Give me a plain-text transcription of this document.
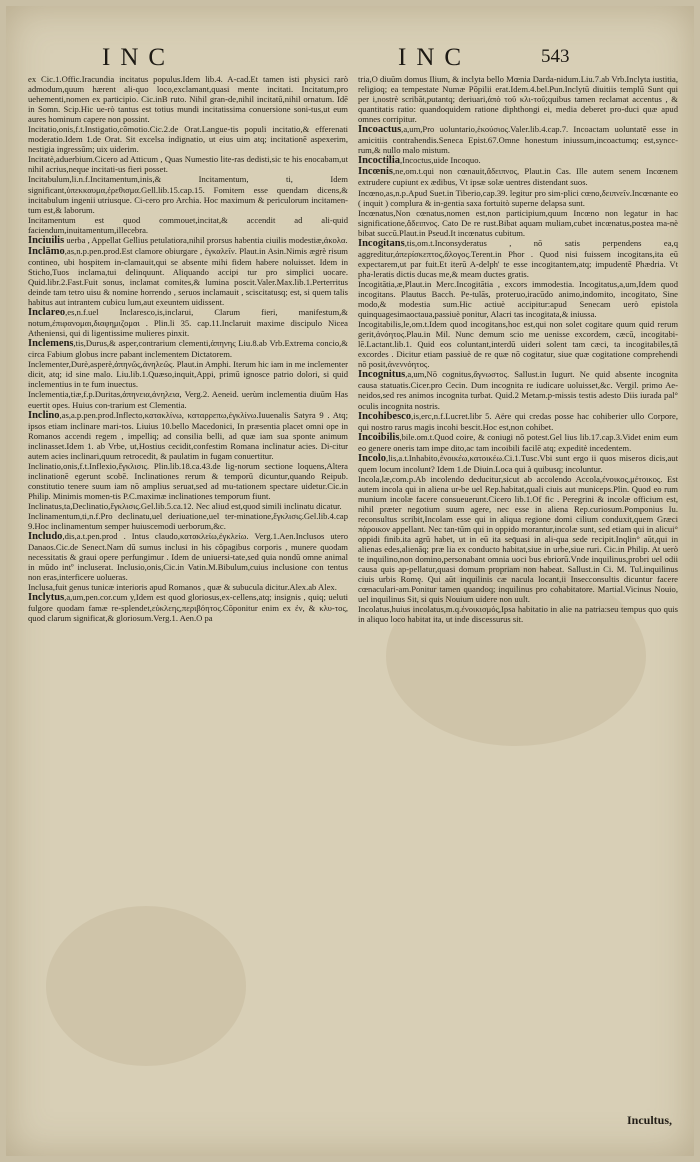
INC	INC	543

ex Cic.1.Offic.Iracundia incitatus populus.Idem lib.4. A-cad.Et tamen isti physici rarò admodum,quum hærent ali-quo loco,exclamant,quasi mente incitati. Incitatum,pro uehementi,nomen ex participio. Cic.inB ruto. Nihil gran-de,nihil incitatū,nihil ornatum. Idē in Somn. Scip.Hic ue-rò tantus est totius mundi incitatissima conuersione soni-tus,ut eum aures hominum capere non possint.

Incitatio,onis,f.t.Instigatio,cōmotio.Cic.2.de Orat.Langue-tis populi incitatio,& efferenati moderatio.Idem 1.de Orat. Sit excelsa indignatio, ut eius uim atq; incitationē aspexerim, nestigia ingressūm; uix uiderim.

Incitatè,aduerbium.Cicero ad Atticum , Quas Numestio lite-ras dedisti,sic te his enocabam,ut nihil acrius,neque incitati-us fieri posset.

Incitabulum,li.n.f.Incitamentum,inis,& Incitamentum, ti, Idem significant,ὑπεκκαυμα,ἐρεθισμα.Gell.lib.15.cap.15. Fomitem esse quendam dicens,& incitabulum ingenii utriusque. Ci-cero pro Archia. Hoc maximum & periculorum incitamen-tum est,& laborum.

Incitamentum est quod commouet,incitat,& accendit ad ali-quid faciendum,inuitamentum,illecebra.

Inciuilis uerba , Appellat Gellius petulatiora,nihil prorsus habentia ciuilis modestiæ,ἀκολα.

Inclāmo,as,n.p.pen.prod.Est clamore obiurgare , ἐγκαλεῖν. Plaut.in Asin.Nimis ægrè risum contineo, ubi hospitem in-clamauit,qui se absente mihi fidem habere noluisset. Idem in Sticho,Tuos inclama,tui delinquunt. Aliquando accipi tur pro simplici uocare. Quid.libr.2.Fast.Fuit sonus, inclamat comites,& lumina poscit.Valer.Max.lib.1.Perterritus deinde tam tetro uisu & nomine horrendo , seruos inclamauit , sciscitatusq; est, si quem talis habitus aut intrantem cubicu lum,aut exeuntem uidissent.

Inclareo,es,n.f.uel Inclaresco,is,inclarui, Clarum fieri, manifestum,& notum,ἐπιφανομαι,διαφημιζομαι . Plin.li 35. cap.11.Inclaruit maxime discipulo Nicea Atheniensi, qui di ligentissime mulieres pinxit.

Inclemens,tis,Durus,& asper,contrarium clementi,ἀπηνης Liu.8.ab Vrb.Extrema concio,& circa Fabium globus incre pabant inclementem Dictatorem.

Inclementer,Durè,asperè,ἀπηνῶς,ἀνηλεῶς. Plaut.in Amphi. Iterum hic iam in me inclementer dicit, atq; id sine malo. Liu.lib.1.Quæso,inquit,Appi, primū ignosce patrio dolori, si quid inclementius in te fum inuectus.

Inclementia,tiæ,f.p.Duritas,ἀπηνεια,ἀνηλεια, Verg.2. Aeneid. uerùm inclementia diuūm Has euertit opes. Huius con-trarium est Clementia.

Inclino,as,a.p.pen.prod.Inflecto,κατακλίνω, καταρρεπω,ἐγκλίνω.Iuuenalis Satyra 9 . Atq; ipsos etiam inclinare mari-tos. Liuius 10.bello Macedonici, In præsentia placet omni ope in Romanos accendi regem , impelliq; ad consilia belli, ad quæ iam sua sponte animum inclinasset.Idem 1. ab Vrbe, ut,Hostius cecidit,confestim Romana inclinatur acies. Di-citur autem acies inclinari,quum retrocedit, & paulatim in fugam conuertitur.

Inclinatio,onis,f.t.Inflexio,ἔγκλισις. Plin.lib.18.ca.43.de lig-norum sectione loquens,Altera inclinationē egerunt scobē. Inclinationes rerum & temporū dicuntur,quando Reipub. constitutio tenere suum iam nō amplius seruat,sed ad mu-tationem spectare uidetur.Cic.in Philip. Minimis momen-tis P.C.maximæ inclinationes temporum fiunt.

Inclinatus,ta,Declinatio,ἔγκλισις.Gel.lib.5.ca.12. Nec aliud est,quod simili inclinatu dicatur.

Inclinamentum,ti,n.f.Pro declinatu,uel deriuatione,uel ter-minatione,ἔγκλισις.Gel.lib.4.cap 9.Hoc inclinamentum semper huiuscemodi uerborum,&c.

Includo,dis,a.t.pen.prod . Intus claudo,κατακλείω,ἐγκλείω. Verg.1.Aen.Inclusos utero Danaos.Cic.de Senect.Nam dū sumus inclusi in his cōpagibus corporis , munere quodam necessitatis & graui opere perfungimur . Idem de uniuersi-tate,sed quia nondū omne animal in mūdo intº incluserat. Inclusio,onis,Cic.in Vatin.M.Bibulum,cuius inclusione con tentus non eras,interficere uolueras.

Inclusa,fuit genus tunicæ interioris apud Romanos , quæ & subucula dicitur.Alex.ab Alex.

Inclytus,a,um,pen.cor.cum y,Idem est quod gloriosus,ex-cellens,atq; insignis , quiq; ueluti fulgore quodam famæ re-splendet,εὐκλεης,περιβόητος.Cōponitur enim ex ἐν, & κλυ-τος, quod clarum significat,& gloriosum.Verg.1. Aen.O pa

tria,O diuūm domus Ilium, & inclyta bello Mœnia Darda-nidum.Liu.7.ab Vrb.Inclyta iustitia, religioq; ea tempestate Numæ Pōpilii erat.Idem.4.bel.Pun.Inclytū diuitiis templū Sunt qui per i,nostrè scribāt,putantq; deriuari,ἀπὸ τοῦ κλι-τοῦ;quibus tamen reclamat accentus , & quantitatis ratio: quandoquidem ratione diphthongi ei, media deberet pro-duci quæ apud omnes corripitur.

Incoactus,a,um,Pro uoluntario,ἑκούσιος.Valer.lib.4.cap.7. Incoactam uoluntatē esse in amicitiis contrahendis.Seneca Epist.67.Omne honestum iniussum,incoactumq; est,syncc-rum,& nullo malo mistum.

Incoctilia,Incoctus,uide Incoquo.

Incœnis,ne,om.t.qui non cœnauit,ἄδειπνος, Plaut.in Cas. Ille autem senem Incœnem extrudere cupiunt ex ædibus, Vt ipsæ solæ uentres distendant suos.

Incœno,as,n.p.Apud Suet.in Tiberio,cap.39. legitur pro sim-plici cœno,δειπνεῖν.Incœnante eo ( inquit ) complura & in-gentia saxa fortuitò superne delapsa sunt.

Incœnatus,Non cœnatus,nomen est,non participium,quum Incœno non legatur in hac significatione,ἄδειπνος. Cato De re rust.Bibat aquam muliam,cubet incœnatus,postea ma-nè bibat succū.Plaut.in Pseud.It incœnatus cubitum.

Incogitans,tis,om.t.Inconsyderatus , nō satis perpendens ea,q aggreditur,ἀπερίσκεπτος,ἄλογος.Terent.in Phor . Quod nisi fuissem incogitans,ita eū expectarem,ut par fuit.Et iterū A-delph' te esse incogitantem,atq; impudentē Phædria. Vt pha-leratis dictis ducas me,& meam ductes gratis.

Incogitātia,æ,Plaut.in Merc.Incogitātia , excors immodestia. Incogitatus,a,um,Idem quod incogitans. Plautus Bacch. Pe-tulās, proteruo,iracūdo animo,indomito, incogitato, Sine modo,& modestia sum.Hic actiuè accipitur:apud Senecam uerò epistola quinquagesimaoctaua,passiuè ponitur, Alacri tas incogitata,& iniussa.

Incogitabilis,le,om.t.Idem quod incogitans,hoc est,qui non solet cogitare quum quid rerum gerit,ἀνόητος.Plau.in Mil. Nunc demum scio me uenisse excordem, cæcū, incogitabi-lē.Lactant.lib.1. Quid eos coluntant,interdū uideri solent tam cæci, ta incogitabiles,tā excordes . Dicitur etiam passiuè de re quæ nō cogitatur, siue quæ cogitatione comprehendi nō posit,ἀνεννόητος.

Incognitus,a,um,Nō cognitus,ἄγνωστος. Sallust.in Iugurt. Ne quid absente incognita causa statuatis.Cicer.pro Cecin. Dum incognita re iudicare uoluisset,&c. Vergil. primo Ae-neidos,sed res animos incognita turbat. Quid.2 Metam.p-missis testis adesto Diis iurada pal° oculis incognita nostris.

Incohibesco,is,erc,n.f.Lucret.libr 5. Aëre qui credas posse hac cohiberier ullo Corpore, qui nostro rarus magis incohi bescit.Hoc est,non cohibet.

Incoibilis,bile.om.t.Quod coire, & coniugi nō potest.Gel lius lib.17.cap.3.Videt enim eum eo genere oneris tam impe dito,ac tam incoibili facilē atq; expeditè incedentem.

Incolo,lis,a.t.Inhabito,ἐνοικέω,κατοικέω.Ci.1.Tusc.Vbi sunt ergo ii quos miseros dicis,aut quem locum incolunt? Idem 1.de Diuin.Loca qui à quibusq; incoluntur.

Incola,læ,com.p.Ab incolendo deducitur,sicut ab accolendo Accola,ἐνοικος,μέτοικος. Est autem incola qui in aliena ur-be uel Rep.habitat,quali ciuis aut municeps.Plin. Quod eo rum munium incolæ facere consueuerunt.Cicero lib.1.Of fic . Peregrini & incolæ officium est, nihil præter negotium suum agere, nec esse in aliena Rep.curiosum.Pomponius Iu. reconsultus scribit,Incolam esse qui in aliqua regione domi cilium conduxit,quem Græci πάροικον appellant. Nec tan-tūm qui in oppido morantur,incolæ sunt, sed etiam qui in alicui° oppidi finib.ita agrū habet, ut in eū ita seq̄uasi in ali-qua sede recipit.Inqlin° aūt,qui in alienas edes,alienāq; præ lia ex conducto habitat,siue in urbe,siue ruri. Cic.in Philip. At uerò te inquilino,non domino,personabant omnia uoci bus ebriorū.Vnde inquilinus,probri uel odii causa quis ap-pellatur,quasi domum propriam non habeat. Sallust.in Ci. M. Tul.inquilinus ciuis urbis Romę. Qui aūt inquilinis cæ nacula locant,ii Insecconsultis dicuntur facere cœnaculari-am.Ponitur tamen quandoq; inquilinus pro cohabitatore. Martial.Vicinus Nouio, uel inquilinus Sit, si quis Nouium uidere non uult.

Incolatus,huius incolatus,m.q.ἐνοικισμός,Ipsa habitatio in alie na patria:seu tempus quo quis in aliquo loco habitat ita, ut inde discessurus sit.

Incultus,
